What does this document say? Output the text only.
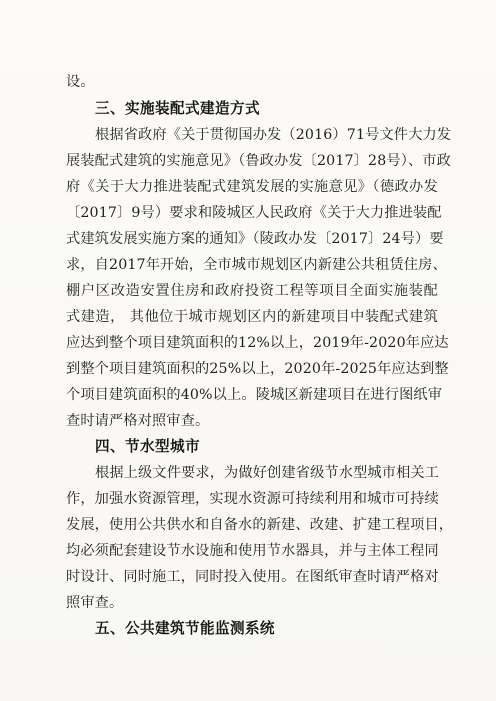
设。
三、实施装配式建造方式
根据省政府《关于贯彻国办发（2016）71号文件大力发
展装配式建筑的实施意见》（鲁政办发〔2017〕28号）、市政
府《关于大力推进装配式建筑发展的实施意见》（德政办发
〔2017〕9号）要求和陵城区人民政府《关于大力推进装配
式建筑发展实施方案的通知》（陵政办发〔2017〕24号）要
求，自2017年开始，全市城市规划区内新建公共租赁住房、
棚户区改造安置住房和政府投资工程等项目全面实施装配
式建造， 其他位于城市规划区内的新建项目中装配式建筑
应达到整个项目建筑面积的12%以上，2019年-2020年应达
到整个项目建筑面积的25%以上，2020年-2025年应达到整
个项目建筑面积的40%以上。陵城区新建项目在进行图纸审
查时请严格对照审查。
四、节水型城市
根据上级文件要求，为做好创建省级节水型城市相关工
作，加强水资源管理，实现水资源可持续利用和城市可持续
发展，使用公共供水和自备水的新建、改建、扩建工程项目，
均必须配套建设节水设施和使用节水器具，并与主体工程同
时设计、同时施工，同时投入使用。在图纸审查时请严格对
照审查。
五、公共建筑节能监测系统
